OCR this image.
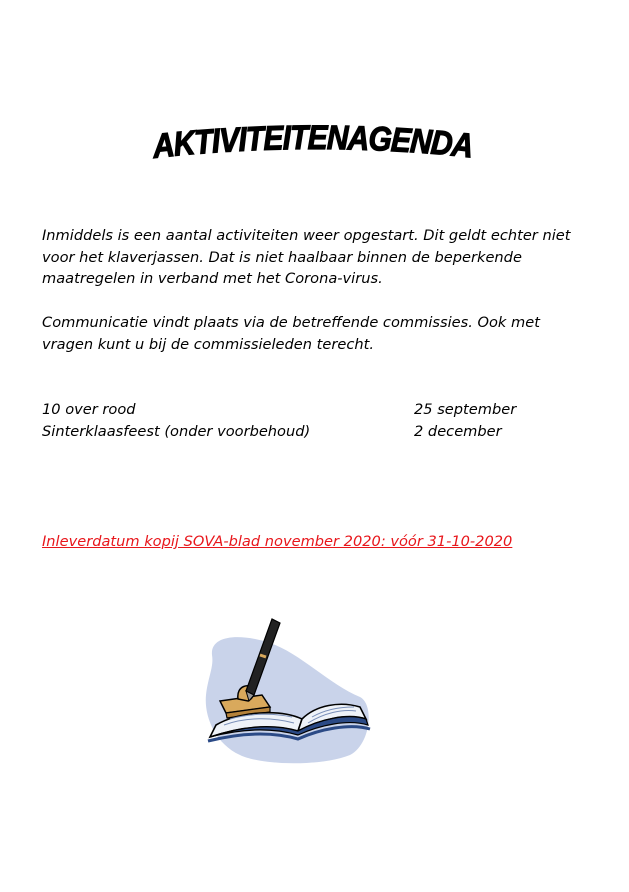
AKTIVITEITENAGENDA

Inmiddels is een aantal activiteiten weer opgestart. Dit geldt echter niet voor het klaverjassen. Dat is niet haalbaar binnen de beperkende maatregelen in verband met het Corona-virus.

Communicatie vindt plaats via de betreffende commissies. Ook met vragen kunt u bij de commissieleden terecht.

10 over rood	25 september
Sinterklaasfeest (onder voorbehoud)	2 december
Inleverdatum kopij SOVA-blad november 2020: vóór 31-10-2020
